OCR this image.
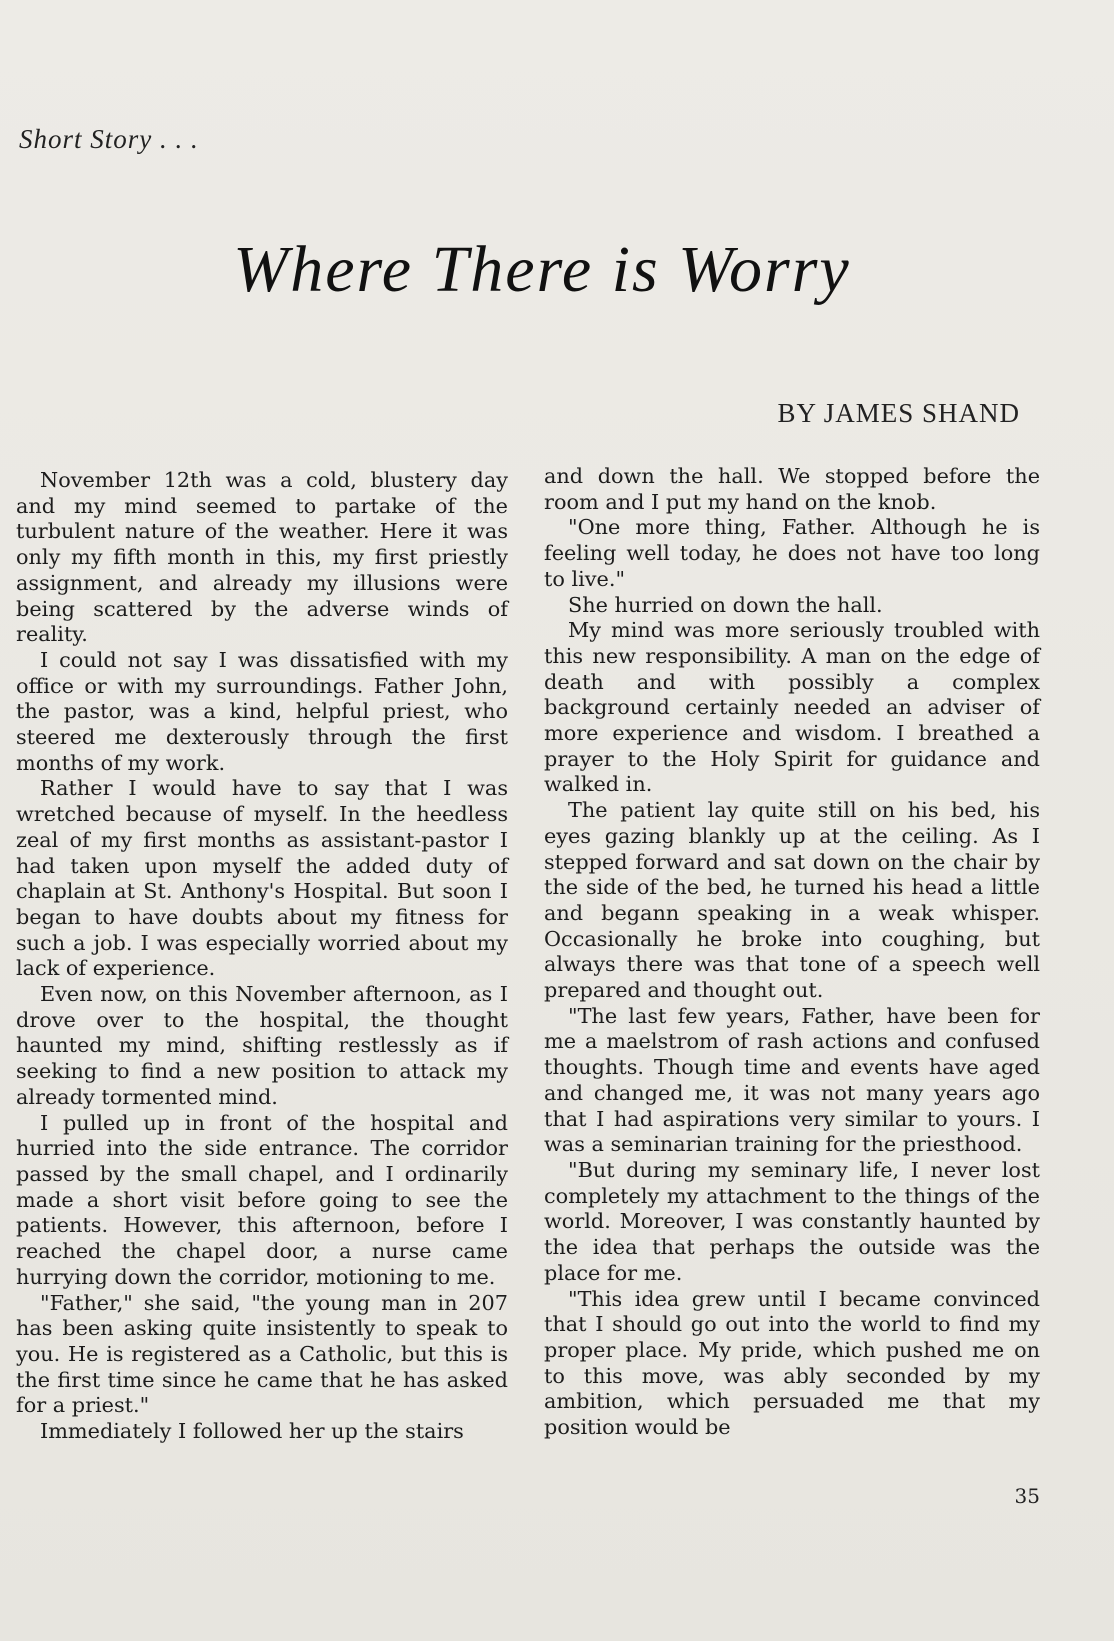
Short Story . . .
Where There is Worry
BY JAMES SHAND

November 12th was a cold, blustery day and my mind seemed to partake of the turbulent nature of the weather. Here it was only my fifth month in this, my first priestly assignment, and already my illusions were being scattered by the adverse winds of reality.

I could not say I was dissatisfied with my office or with my surroundings. Father John, the pastor, was a kind, helpful priest, who steered me dexterously through the first months of my work.

Rather I would have to say that I was wretched because of myself. In the heedless zeal of my first months as assistant-pastor I had taken upon myself the added duty of chaplain at St. Anthony's Hospital. But soon I began to have doubts about my fitness for such a job. I was especially worried about my lack of experience.

Even now, on this November afternoon, as I drove over to the hospital, the thought haunted my mind, shifting restlessly as if seeking to find a new position to attack my already tormented mind.

I pulled up in front of the hospital and hurried into the side entrance. The corridor passed by the small chapel, and I ordinarily made a short visit before going to see the patients. However, this afternoon, before I reached the chapel door, a nurse came hurrying down the corridor, motioning to me.

"Father," she said, "the young man in 207 has been asking quite insistently to speak to you. He is registered as a Catholic, but this is the first time since he came that he has asked for a priest."

Immediately I followed her up the stairs

and down the hall. We stopped before the room and I put my hand on the knob.

"One more thing, Father. Although he is feeling well today, he does not have too long to live."

She hurried on down the hall.

My mind was more seriously troubled with this new responsibility. A man on the edge of death and with possibly a complex background certainly needed an adviser of more experience and wisdom. I breathed a prayer to the Holy Spirit for guidance and walked in.

The patient lay quite still on his bed, his eyes gazing blankly up at the ceiling. As I stepped forward and sat down on the chair by the side of the bed, he turned his head a little and begann speaking in a weak whisper. Occasionally he broke into coughing, but always there was that tone of a speech well prepared and thought out.

"The last few years, Father, have been for me a maelstrom of rash actions and confused thoughts. Though time and events have aged and changed me, it was not many years ago that I had aspirations very similar to yours. I was a seminarian training for the priesthood.

"But during my seminary life, I never lost completely my attachment to the things of the world. Moreover, I was constantly haunted by the idea that perhaps the outside was the place for me.

"This idea grew until I became convinced that I should go out into the world to find my proper place. My pride, which pushed me on to this move, was ably seconded by my ambition, which persuaded me that my position would be

35
